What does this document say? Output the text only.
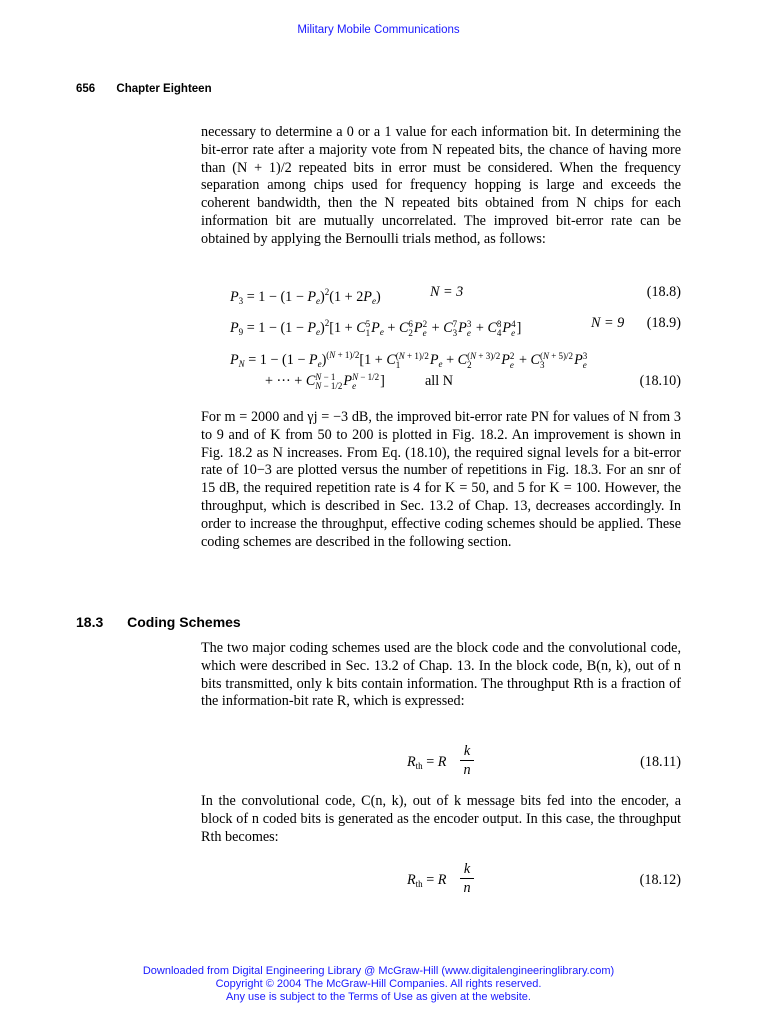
Military Mobile Communications
656 Chapter Eighteen

necessary to determine a 0 or a 1 value for each information bit. In determining the bit-error rate after a majority vote from N repeated bits, the chance of having more than (N + 1)/2 repeated bits in error must be considered. When the frequency separation among chips used for frequency hopping is large and exceeds the coherent bandwidth, then the N repeated bits obtained from N chips for each information bit are mutually uncorrelated. The improved bit-error rate can be obtained by applying the Bernoulli trials method, as follows:

$P_3 = 1 - (1 - P_e)^2(1 + 2P_e)$	N = 3	(18.8)
$P_9 = 1 - (1 - P_e)^2[1 + C5$
$1P_e + C6$
2P2
e + C7
3P3
e + C8
4P4
e ]	N = 9 (18.9)
$P_N = 1 - (1 - P_e)^{(N + 1)/2}[1 + C(N + 1)/2$
1 $P_e + C(N + 3)/2$
2 P2
e + C(N + 5)/2
3 P3
e
+ ··· + CN − 1
N − 1/2PN − 1/2
e ]	all N	(18.10)

For m = 2000 and γj = −3 dB, the improved bit-error rate PN for values of N from 3 to 9 and of K from 50 to 200 is plotted in Fig. 18.2. An improvement is shown in Fig. 18.2 as N increases. From Eq. (18.10), the required signal levels for a bit-error rate of 10−3 are plotted versus the number of repetitions in Fig. 18.3. For an snr of 15 dB, the required repetition rate is 4 for K = 50, and 5 for K = 100. However, the throughput, which is described in Sec. 13.2 of Chap. 13, decreases accordingly. In order to increase the throughput, effective coding schemes should be applied. These coding schemes are described in the following section.

18.3 Coding Schemes

The two major coding schemes used are the block code and the convolutional code, which were described in Sec. 13.2 of Chap. 13. In the block code, B(n, k), out of n bits transmitted, only k bits contain information. The throughput Rth is a fraction of the information-bit rate R, which is expressed:

$R_{th} = R \frac{k}{n}$	(18.11)

In the convolutional code, C(n, k), out of k message bits fed into the encoder, a block of n coded bits is generated as the encoder output. In this case, the throughput Rth becomes:

$R_{th} = R \frac{k}{n}$	(18.12)
Downloaded from Digital Engineering Library @ McGraw-Hill (www.digitalengineeringlibrary.com)
Copyright © 2004 The McGraw-Hill Companies. All rights reserved.
Any use is subject to the Terms of Use as given at the website.
